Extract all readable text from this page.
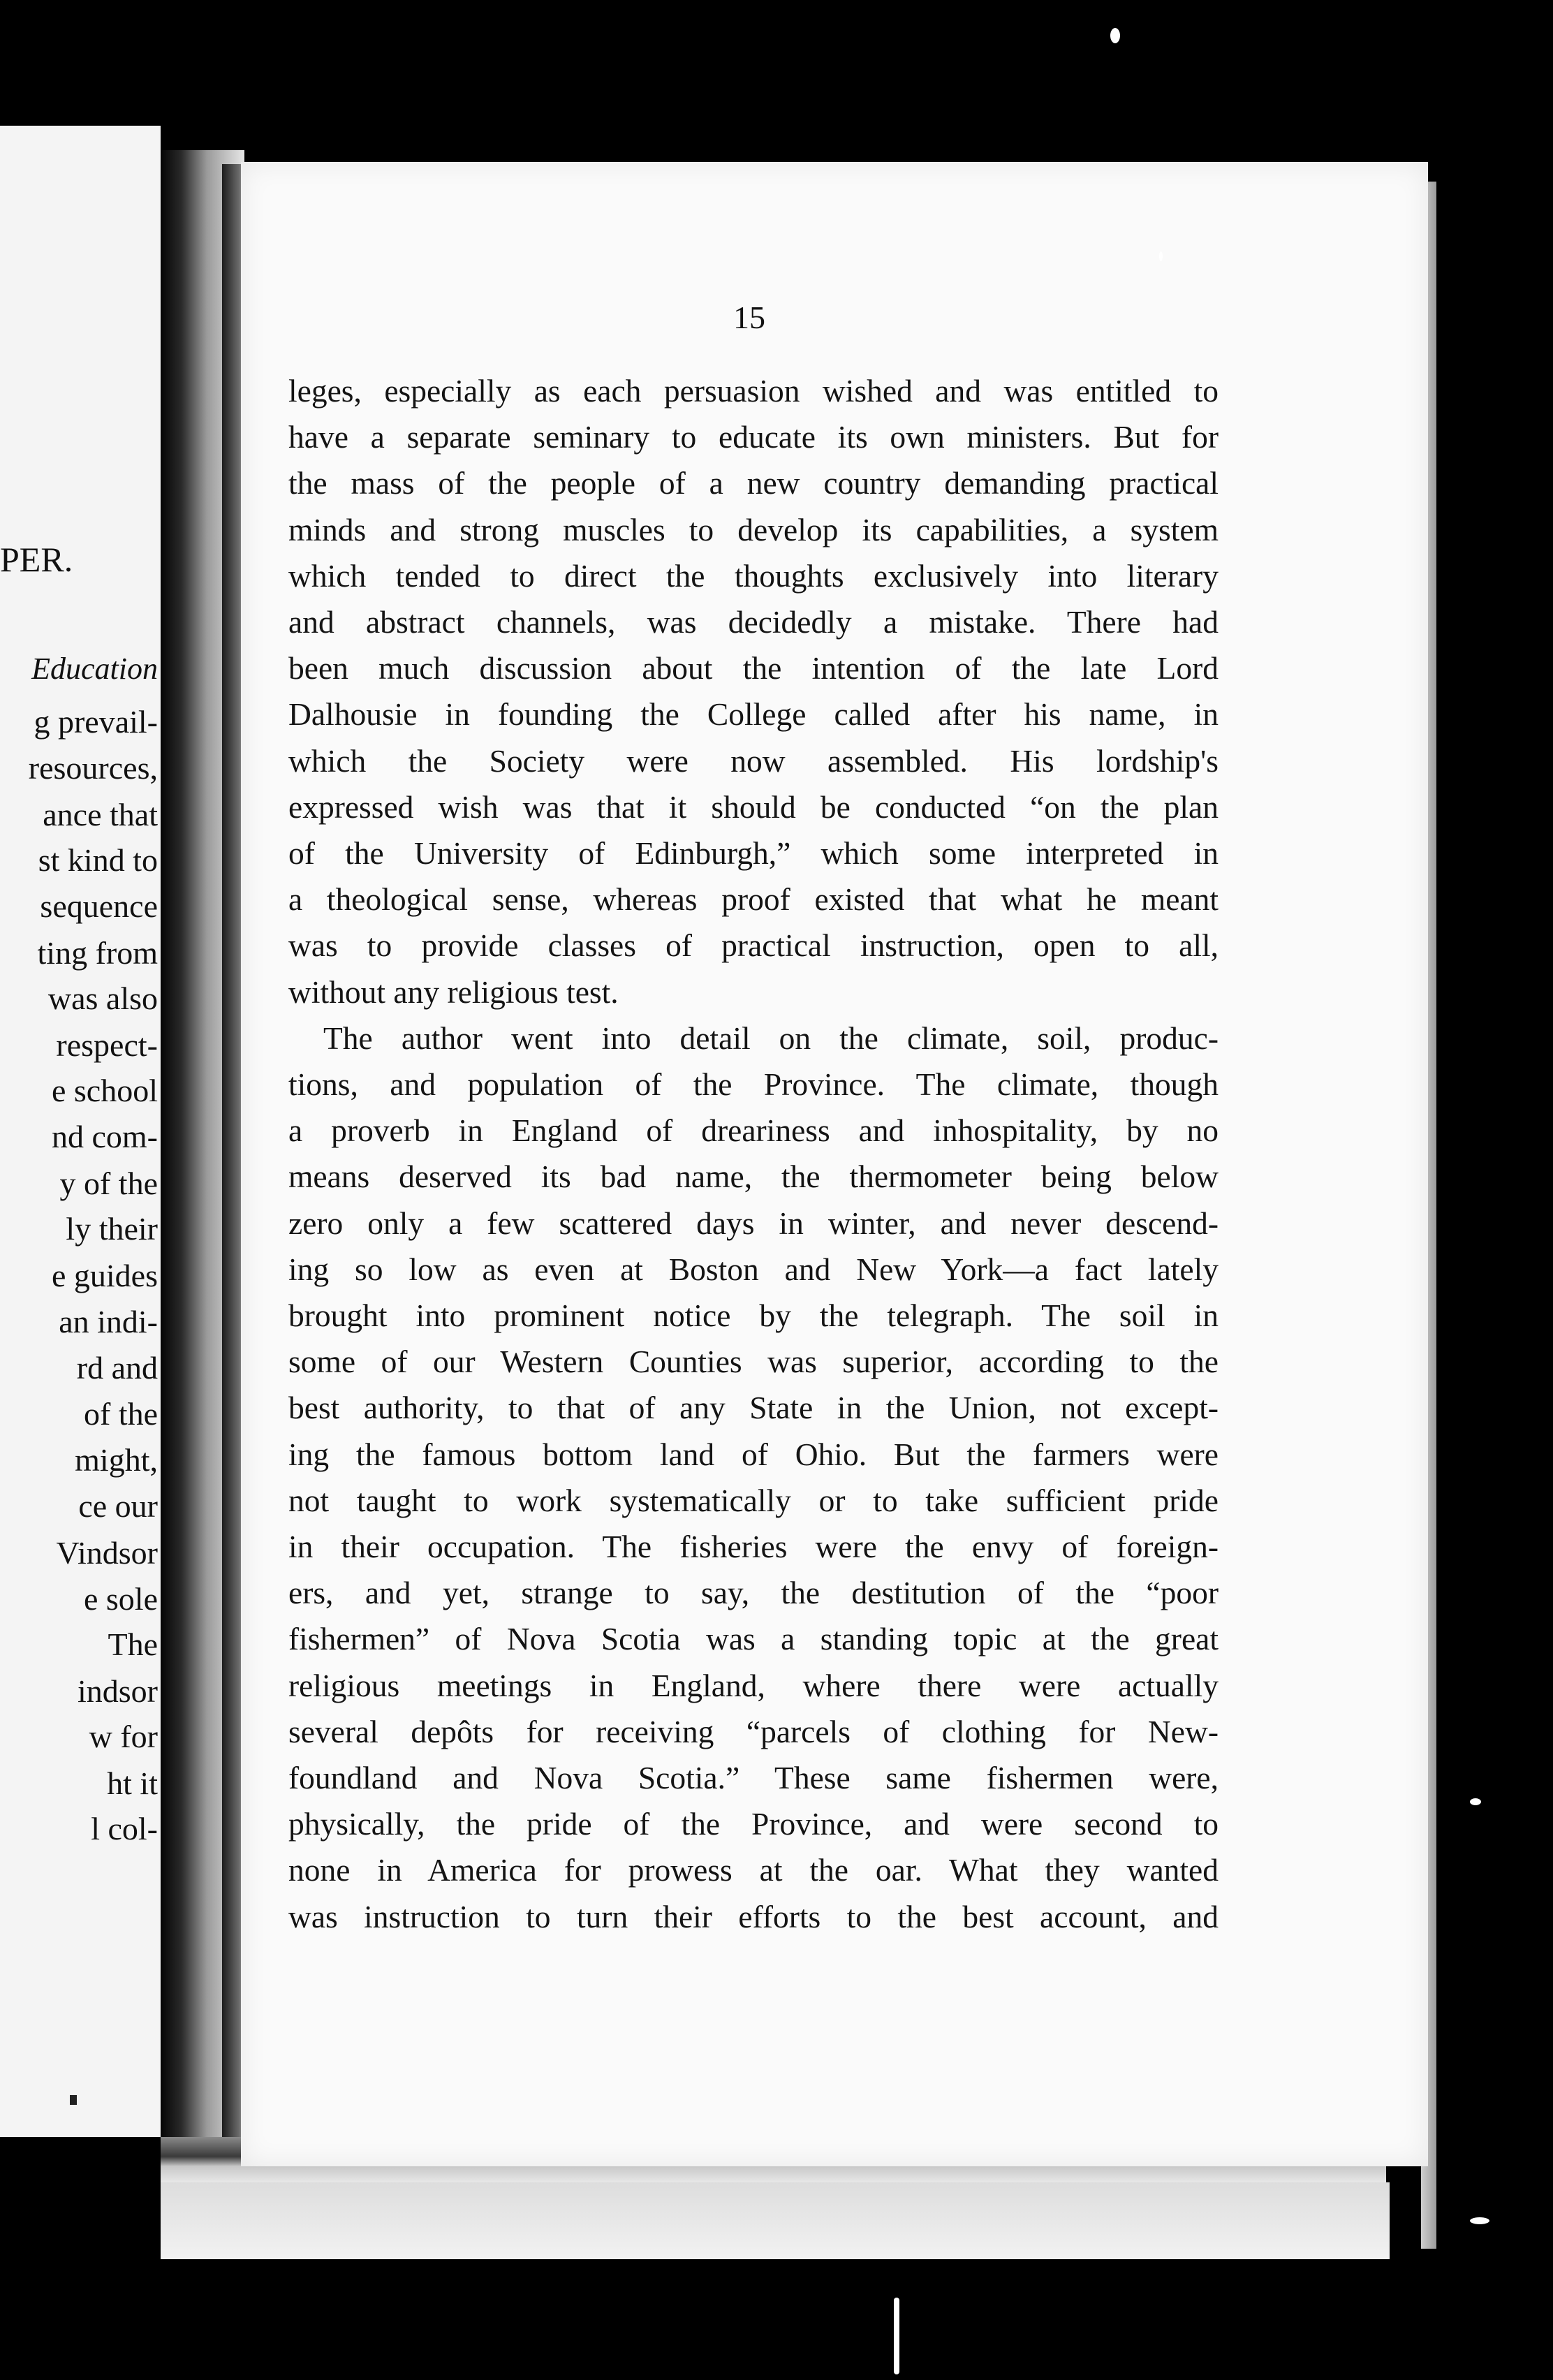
PER.
Education
g prevail-
resources,
ance that
st kind to
sequence
ting from
was also
respect-
e school
nd com-
y of the
ly their
e guides
an indi-
rd and
of the
might,
ce our
Vindsor
e sole
The
indsor
w for
ht it
l col-
15
leges, especially as each persuasion wished and was entitled to
have a separate seminary to educate its own ministers. But for
the mass of the people of a new country demanding practical
minds and strong muscles to develop its capabilities, a system
which tended to direct the thoughts exclusively into literary
and abstract channels, was decidedly a mistake. There had
been much discussion about the intention of the late Lord
Dalhousie in founding the College called after his name, in
which the Society were now assembled. His lordship's
expressed wish was that it should be conducted “on the plan
of the University of Edinburgh,” which some interpreted in
a theological sense, whereas proof existed that what he meant
was to provide classes of practical instruction, open to all,
without any religious test.
The author went into detail on the climate, soil, produc-
tions, and population of the Province. The climate, though
a proverb in England of dreariness and inhospitality, by no
means deserved its bad name, the thermometer being below
zero only a few scattered days in winter, and never descend-
ing so low as even at Boston and New York—a fact lately
brought into prominent notice by the telegraph. The soil in
some of our Western Counties was superior, according to the
best authority, to that of any State in the Union, not except-
ing the famous bottom land of Ohio. But the farmers were
not taught to work systematically or to take sufficient pride
in their occupation. The fisheries were the envy of foreign-
ers, and yet, strange to say, the destitution of the “poor
fishermen” of Nova Scotia was a standing topic at the great
religious meetings in England, where there were actually
several depôts for receiving “parcels of clothing for New-
foundland and Nova Scotia.” These same fishermen were,
physically, the pride of the Province, and were second to
none in America for prowess at the oar. What they wanted
was instruction to turn their efforts to the best account, and
